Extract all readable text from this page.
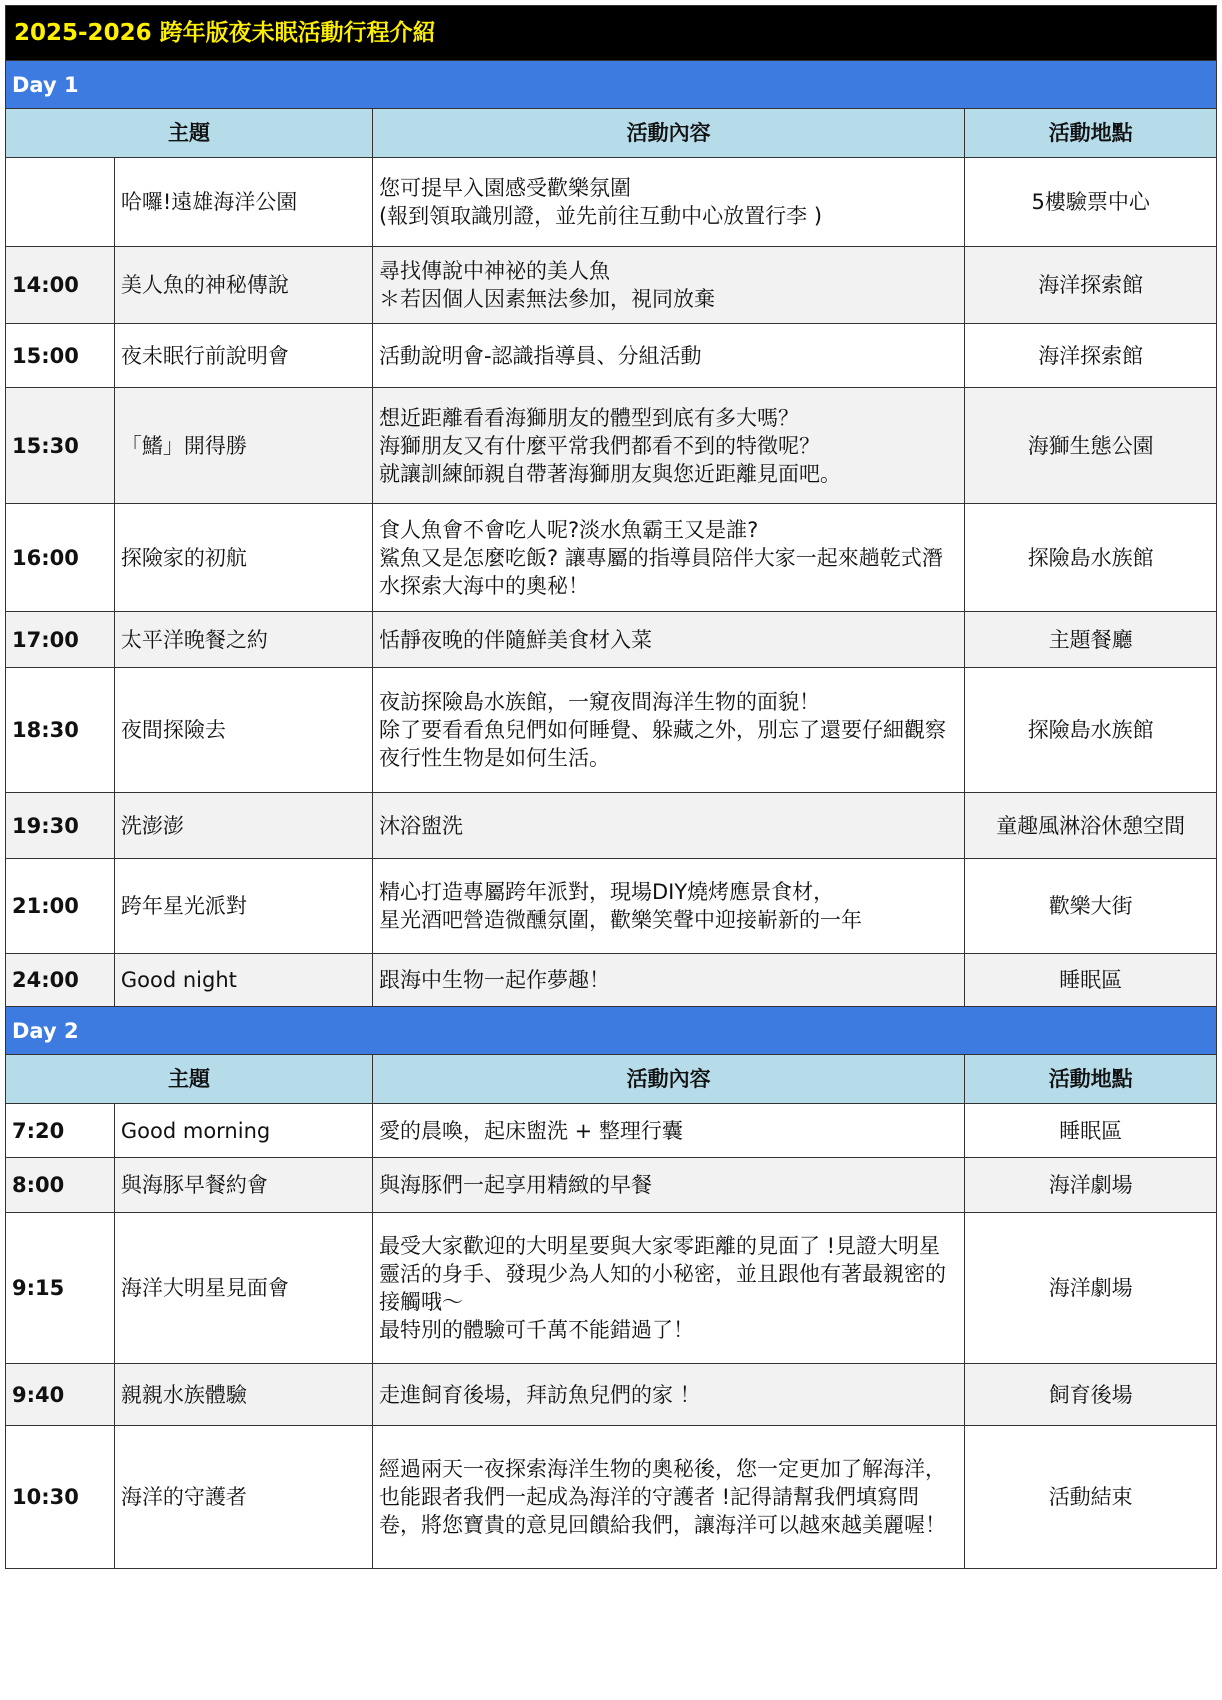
2025-2026 跨年版夜未眠活動行程介紹			
Day 1			
主題		活動內容	活動地點
	哈囉!遠雄海洋公園	您可提早入園感受歡樂氛圍
(報到領取識別證，並先前往互動中心放置行李 )	5樓驗票中心
14:00	美人魚的神秘傳說	尋找傳說中神祕的美人魚
＊若因個人因素無法參加，視同放棄	海洋探索館
15:00	夜未眠行前說明會	活動說明會-認識指導員、分組活動	海洋探索館
15:30	「鰭」開得勝	想近距離看看海獅朋友的體型到底有多大嗎？
海獅朋友又有什麼平常我們都看不到的特徵呢？
就讓訓練師親自帶著海獅朋友與您近距離見面吧。	海獅生態公園
16:00	探險家的初航	食人魚會不會吃人呢?淡水魚霸王又是誰?
鯊魚又是怎麼吃飯? 讓專屬的指導員陪伴大家一起來趟乾式潛水探索大海中的奧秘！	探險島水族館
17:00	太平洋晚餐之約	恬靜夜晚的伴隨鮮美食材入菜	主題餐廳
18:30	夜間探險去	夜訪探險島水族館，一窺夜間海洋生物的面貌！
除了要看看魚兒們如何睡覺、躲藏之外，別忘了還要仔細觀察夜行性生物是如何生活。	探險島水族館
19:30	洗澎澎	沐浴盥洗	童趣風淋浴休憩空間
21:00	跨年星光派對	精心打造專屬跨年派對，現場DIY燒烤應景食材，
星光酒吧營造微醺氛圍，歡樂笑聲中迎接嶄新的一年	歡樂大街
24:00	Good night	跟海中生物一起作夢趣！	睡眠區
Day 2			
主題		活動內容	活動地點
7:20	Good morning	愛的晨喚，起床盥洗 + 整理行囊	睡眠區
8:00	與海豚早餐約會	與海豚們一起享用精緻的早餐	海洋劇場
9:15	海洋大明星見面會	最受大家歡迎的大明星要與大家零距離的見面了 !見證大明星靈活的身手、發現少為人知的小秘密，並且跟他有著最親密的接觸哦～
最特別的體驗可千萬不能錯過了！	海洋劇場
9:40	親親水族體驗	走進飼育後場，拜訪魚兒們的家 ！	飼育後場
10:30	海洋的守護者	經過兩天一夜探索海洋生物的奧秘後，您一定更加了解海洋，也能跟者我們一起成為海洋的守護者 !記得請幫我們填寫問卷，將您寶貴的意見回饋給我們，讓海洋可以越來越美麗喔！	活動結束
